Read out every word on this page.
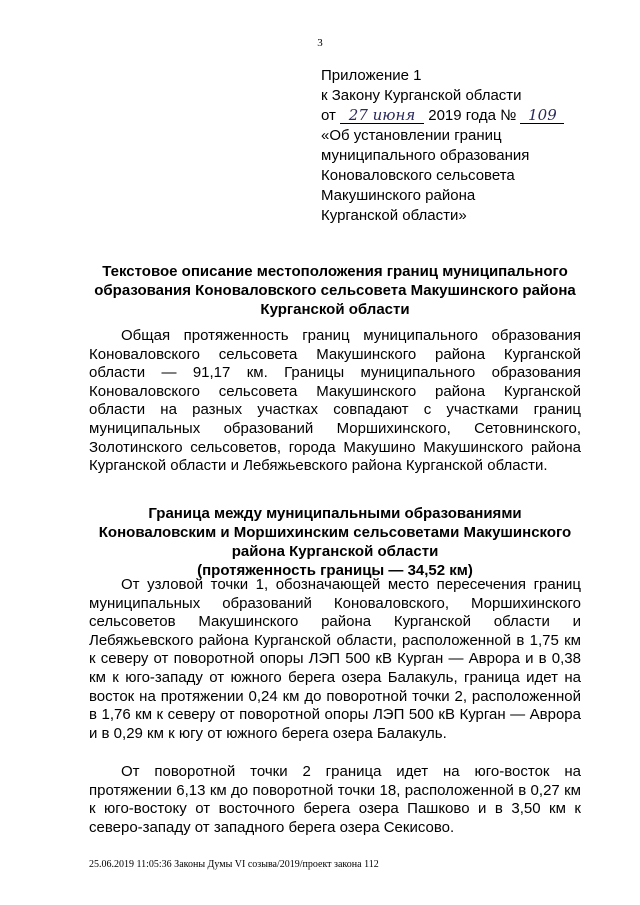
3
Приложение 1
к Закону Курганской области
от 27 июня 2019 года № 109
«Об установлении границ
муниципального образования
Коноваловского сельсовета
Макушинского района
Курганской области»
Текстовое описание местоположения границ муниципального
образования Коноваловского сельсовета Макушинского района
Курганской области
Общая протяженность границ муниципального образования Коноваловского сельсовета Макушинского района Курганской области — 91,17 км. Границы муниципального образования Коноваловского сельсовета Макушинского района Курганской области на разных участках совпадают с участками границ муниципальных образований Моршихинского, Сетовнинского, Золотинского сельсоветов, города Макушино Макушинского района Курганской области и Лебяжьевского района Курганской области.
Граница между муниципальными образованиями
Коноваловским и Моршихинским сельсоветами Макушинского
района Курганской области
(протяженность границы — 34,52 км)
От узловой точки 1, обозначающей место пересечения границ муниципальных образований Коноваловского, Моршихинского сельсоветов Макушинского района Курганской области и Лебяжьевского района Курганской области, расположенной в 1,75 км к северу от поворотной опоры ЛЭП 500 кВ Курган — Аврора и в 0,38 км к юго-западу от южного берега озера Балакуль, граница идет на восток на протяжении 0,24 км до поворотной точки 2, расположенной в 1,76 км к северу от поворотной опоры ЛЭП 500 кВ Курган — Аврора и в 0,29 км к югу от южного берега озера Балакуль.
От поворотной точки 2 граница идет на юго-восток на протяжении 6,13 км до поворотной точки 18, расположенной в 0,27 км к юго-востоку от восточного берега озера Пашково и в 3,50 км к северо-западу от западного берега озера Секисово.
25.06.2019 11:05:36 Законы Думы VI созыва/2019/проект закона 112
